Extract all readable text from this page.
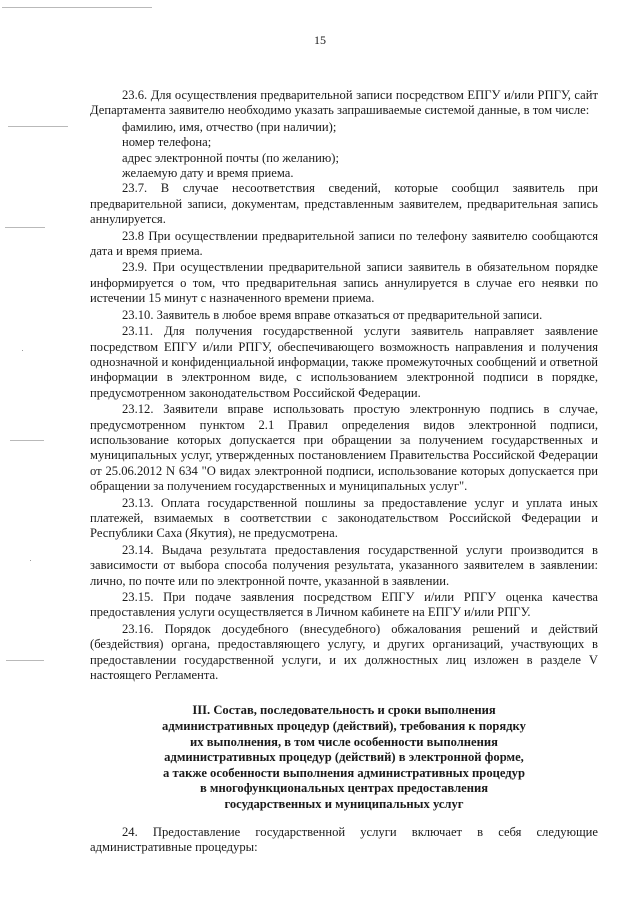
15

23.6. Для осуществления предварительной записи посредством ЕПГУ и/или РПГУ, сайт Департамента заявителю необходимо указать запрашиваемые системой данные, в том числе:

фамилию, имя, отчество (при наличии);

номер телефона;

адрес электронной почты (по желанию);

желаемую дату и время приема.

23.7. В случае несоответствия сведений, которые сообщил заявитель при предварительной записи, документам, представленным заявителем, предварительная запись аннулируется.

23.8 При осуществлении предварительной записи по телефону заявителю сообщаются дата и время приема.

23.9. При осуществлении предварительной записи заявитель в обязательном порядке информируется о том, что предварительная запись аннулируется в случае его неявки по истечении 15 минут с назначенного времени приема.

23.10. Заявитель в любое время вправе отказаться от предварительной записи.

23.11. Для получения государственной услуги заявитель направляет заявление посредством ЕПГУ и/или РПГУ, обеспечивающего возможность направления и получения однозначной и конфиденциальной информации, также промежуточных сообщений и ответной информации в электронном виде, с использованием электронной подписи в порядке, предусмотренном законодательством Российской Федерации.

23.12. Заявители вправе использовать простую электронную подпись в случае, предусмотренном пунктом 2.1 Правил определения видов электронной подписи, использование которых допускается при обращении за получением государственных и муниципальных услуг, утвержденных постановлением Правительства Российской Федерации от 25.06.2012 N 634 "О видах электронной подписи, использование которых допускается при обращении за получением государственных и муниципальных услуг".

23.13. Оплата государственной пошлины за предоставление услуг и уплата иных платежей, взимаемых в соответствии с законодательством Российской Федерации и Республики Саха (Якутия), не предусмотрена.

23.14. Выдача результата предоставления государственной услуги производится в зависимости от выбора способа получения результата, указанного заявителем в заявлении: лично, по почте или по электронной почте, указанной в заявлении.

23.15. При подаче заявления посредством ЕПГУ и/или РПГУ оценка качества предоставления услуги осуществляется в Личном кабинете на ЕПГУ и/или РПГУ.

23.16. Порядок досудебного (внесудебного) обжалования решений и действий (бездействия) органа, предоставляющего услугу, и других организаций, участвующих в предоставлении государственной услуги, и их должностных лиц изложен в разделе V настоящего Регламента.

III. Состав, последовательность и сроки выполнения
административных процедур (действий), требования к порядку
их выполнения, в том числе особенности выполнения
административных процедур (действий) в электронной форме,
а также особенности выполнения административных процедур
в многофункциональных центрах предоставления
государственных и муниципальных услуг

24. Предоставление государственной услуги включает в себя следующие административные процедуры:
